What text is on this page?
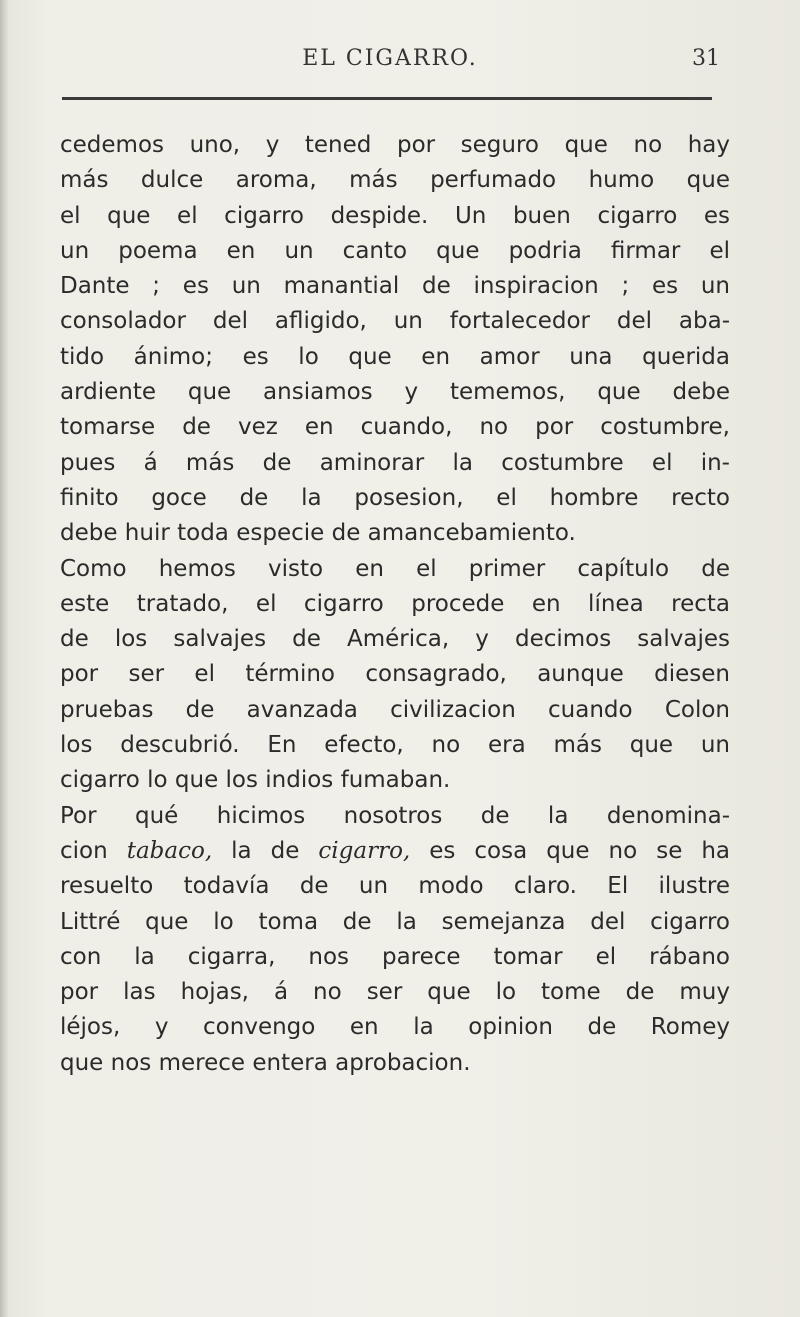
EL CIGARRO.	31
cedemos uno, y tened por seguro que no hay
más dulce aroma, más perfumado humo que
el que el cigarro despide. Un buen cigarro es
un poema en un canto que podria firmar el
Dante ; es un manantial de inspiracion ; es un
consolador del afligido, un fortalecedor del aba-
tido ánimo; es lo que en amor una querida
ardiente que ansiamos y tememos, que debe
tomarse de vez en cuando, no por costumbre,
pues á más de aminorar la costumbre el in-
finito goce de la posesion, el hombre recto
debe huir toda especie de amancebamiento.
Como hemos visto en el primer capítulo de
este tratado, el cigarro procede en línea recta
de los salvajes de América, y decimos salvajes
por ser el término consagrado, aunque diesen
pruebas de avanzada civilizacion cuando Colon
los descubrió. En efecto, no era más que un
cigarro lo que los indios fumaban.
Por qué hicimos nosotros de la denomina-
cion tabaco, la de cigarro, es cosa que no se ha
resuelto todavía de un modo claro. El ilustre
Littré que lo toma de la semejanza del cigarro
con la cigarra, nos parece tomar el rábano
por las hojas, á no ser que lo tome de muy
léjos, y convengo en la opinion de Romey
que nos merece entera aprobacion.
